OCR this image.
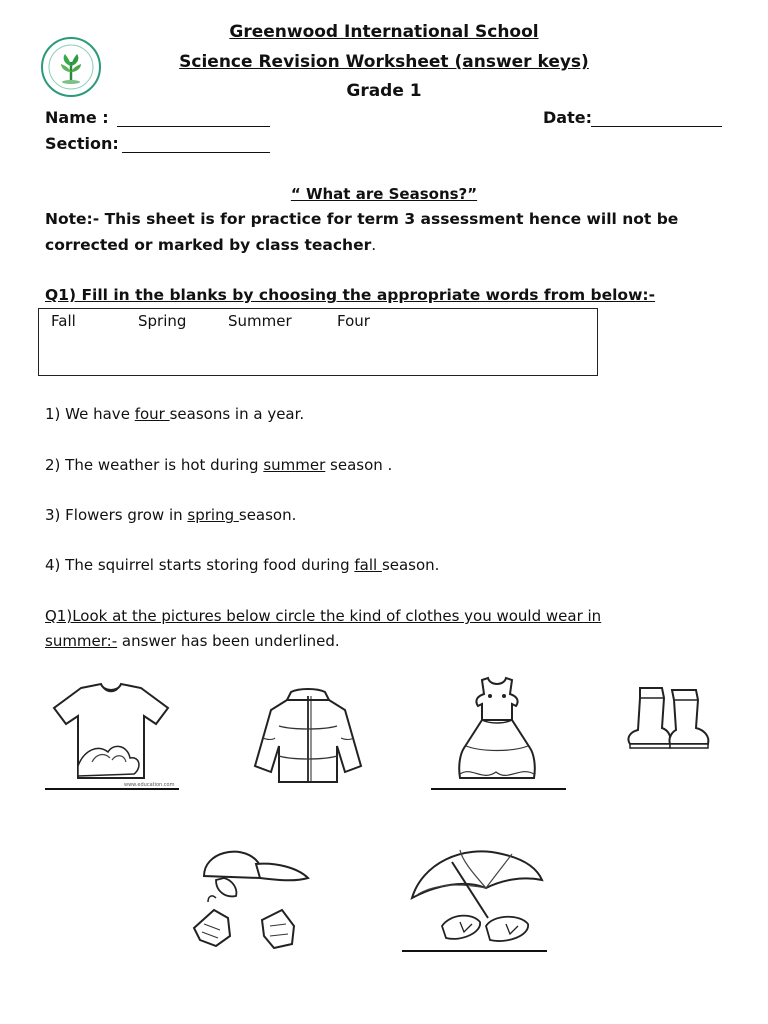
Greenwood International School
Science Revision Worksheet (answer keys)
Grade 1
Name :
Section:
Date:
“ What are Seasons?”
Note:- This sheet is for practice for term 3 assessment hence will not be
corrected or marked by class teacher.
Q1) Fill in the blanks by choosing the appropriate words from below:-
Fall	Spring	Summer	Four
1) We have four seasons in a year.
2) The weather is hot during summer season .
3) Flowers grow in spring season.
4) The squirrel starts storing food during fall season.
Q1)Look at the pictures below circle the kind of clothes you would wear in
summer:- answer has been underlined.
www.education.com
